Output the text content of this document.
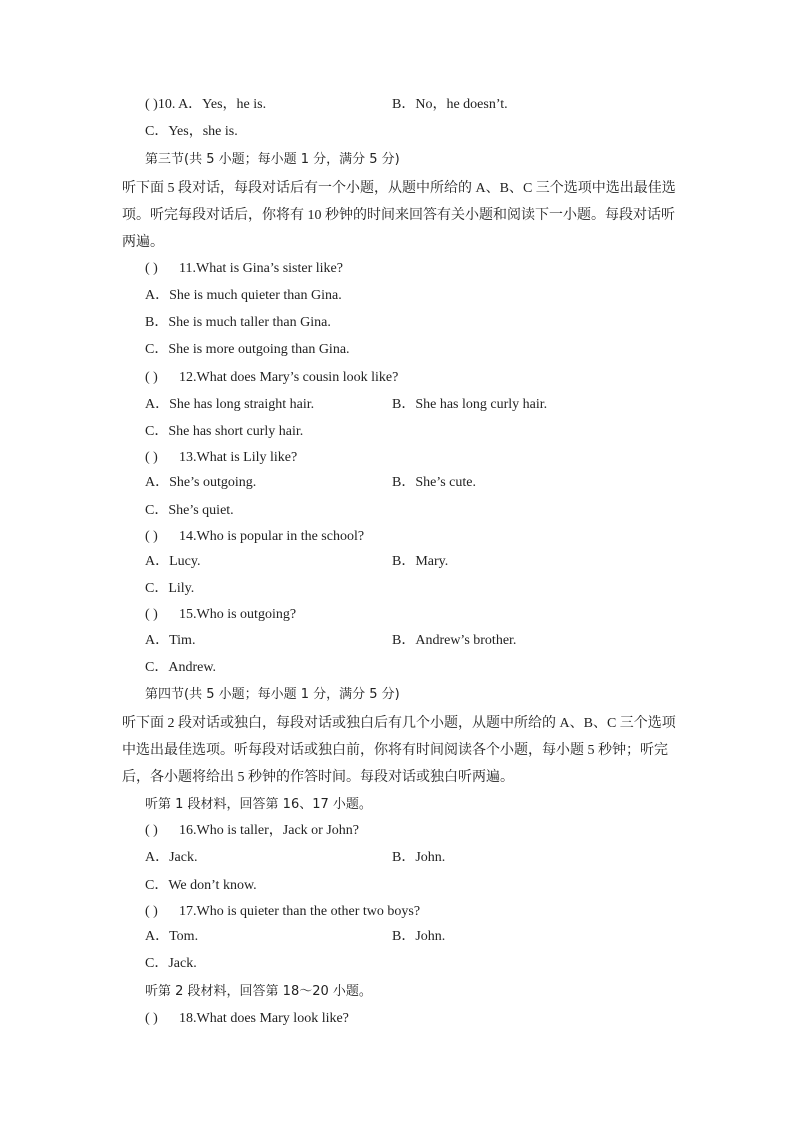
( )10. A．Yes，he is.	B．No，he doesn’t.
C．Yes，she is.
第三节(共 5 小题；每小题 1 分，满分 5 分)
听下面 5 段对话，每段对话后有一个小题，从题中所给的 A、B、C 三个选项中选出最佳选项。听完每段对话后，你将有 10 秒钟的时间来回答有关小题和阅读下一小题。每段对话听两遍。
( ) 11.What is Gina’s sister like?
A．She is much quieter than Gina.
B．She is much taller than Gina.
C．She is more outgoing than Gina.
( ) 12.What does Mary’s cousin look like?
A．She has long straight hair.	B．She has long curly hair.
C．She has short curly hair.
( ) 13.What is Lily like?
A．She’s outgoing.	B．She’s cute.
C．She’s quiet.
( ) 14.Who is popular in the school?
A．Lucy.	B．Mary.
C．Lily.
( ) 15.Who is outgoing?
A．Tim.	B．Andrew’s brother.
C．Andrew.
第四节(共 5 小题；每小题 1 分，满分 5 分)
听下面 2 段对话或独白，每段对话或独白后有几个小题，从题中所给的 A、B、C 三个选项中选出最佳选项。听每段对话或独白前，你将有时间阅读各个小题，每小题 5 秒钟；听完后，各小题将给出 5 秒钟的作答时间。每段对话或独白听两遍。
听第 1 段材料，回答第 16、17 小题。
( ) 16.Who is taller，Jack or John?
A．Jack.	B．John.
C．We don’t know.
( ) 17.Who is quieter than the other two boys?
A．Tom.	B．John.
C．Jack.
听第 2 段材料，回答第 18～20 小题。
( ) 18.What does Mary look like?
